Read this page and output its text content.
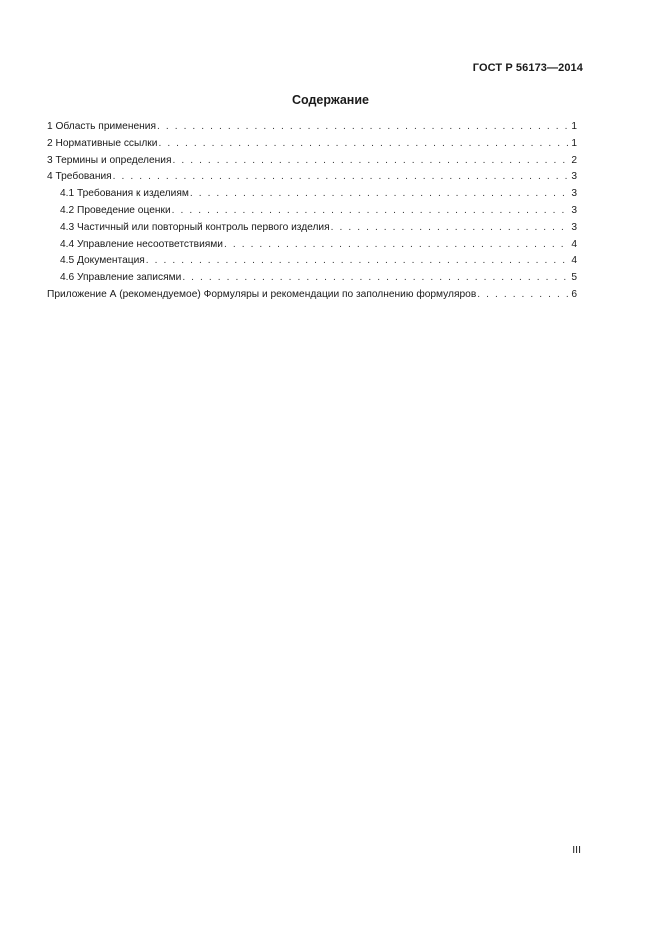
ГОСТ Р 56173—2014
Содержание
1 Область применения . . .	1
2 Нормативные ссылки . . .	1
3 Термины и определения . . .	2
4 Требования . . .	3
4.1 Требования к изделиям . . .	3
4.2 Проведение оценки . . .	3
4.3 Частичный или повторный контроль первого изделия . . .	3
4.4 Управление несоответствиями . . .	4
4.5 Документация . . .	4
4.6 Управление записями . . .	5
Приложение А (рекомендуемое) Формуляры и рекомендации по заполнению формуляров . . .	6
III
